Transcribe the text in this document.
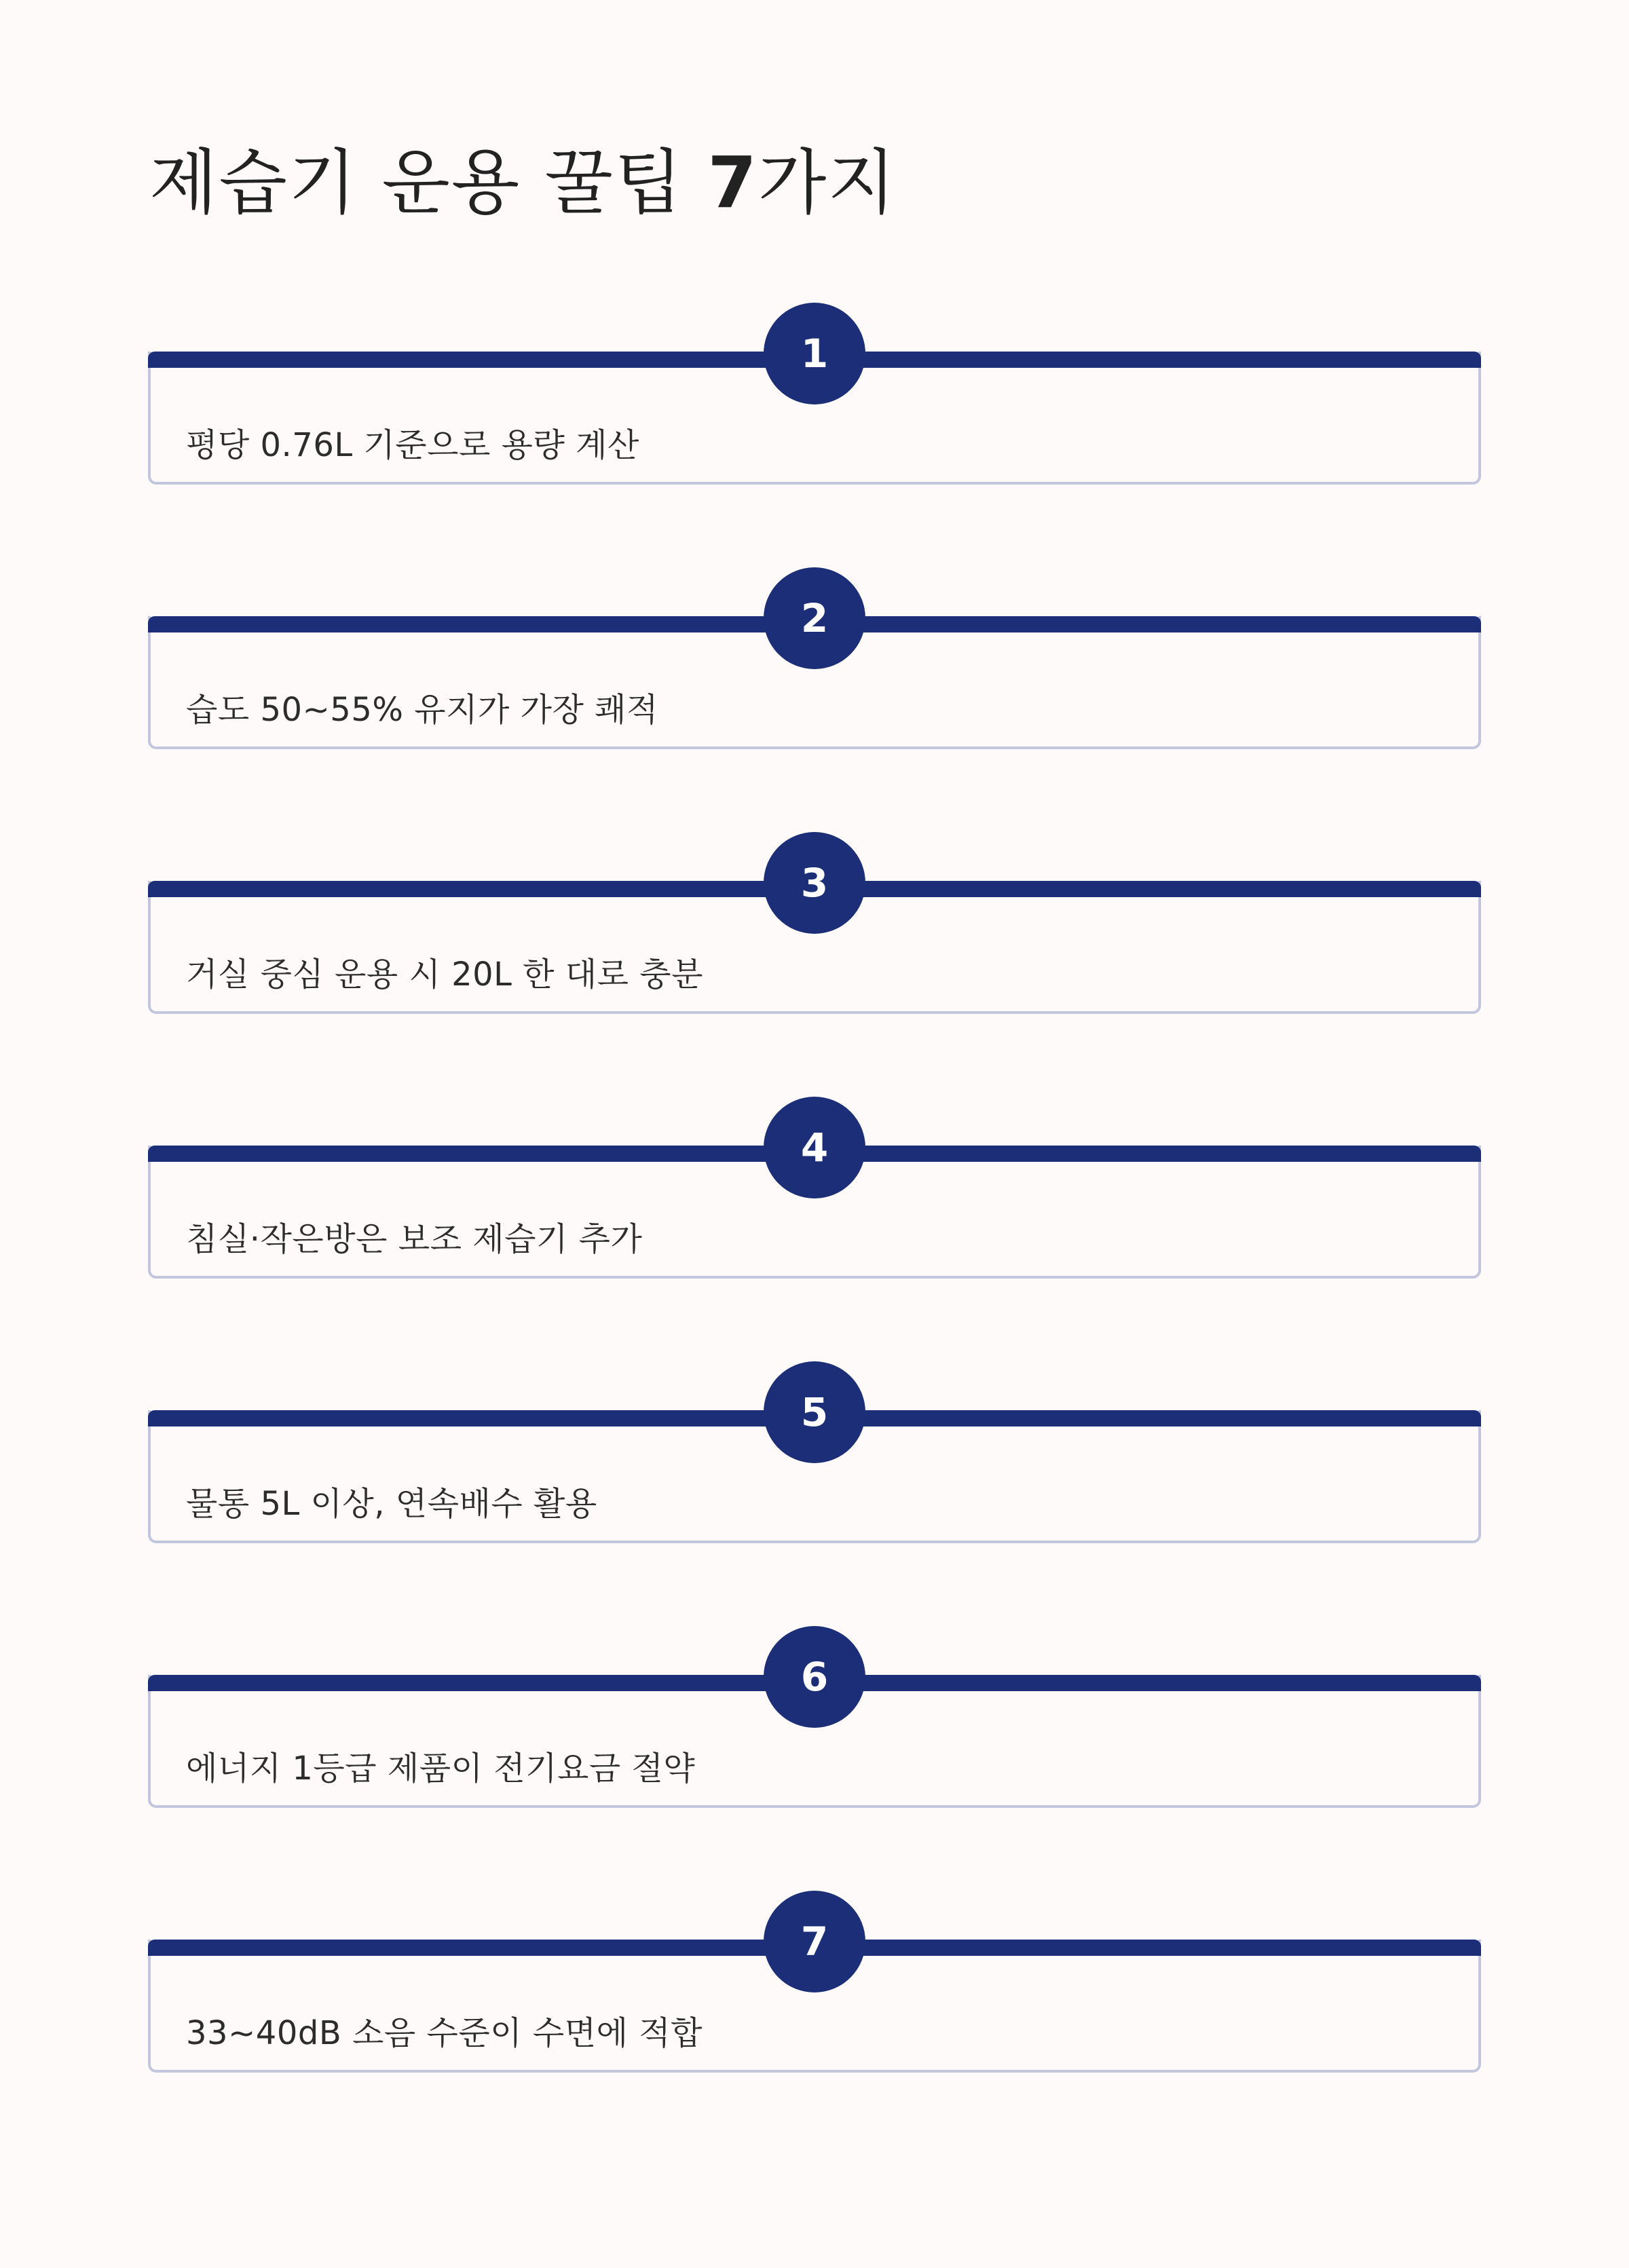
제습기 운용 꿀팁 7가지
1
평당 0.76L 기준으로 용량 계산
2
습도 50~55% 유지가 가장 쾌적
3
거실 중심 운용 시 20L 한 대로 충분
4
침실·작은방은 보조 제습기 추가
5
물통 5L 이상, 연속배수 활용
6
에너지 1등급 제품이 전기요금 절약
7
33~40dB 소음 수준이 수면에 적합
